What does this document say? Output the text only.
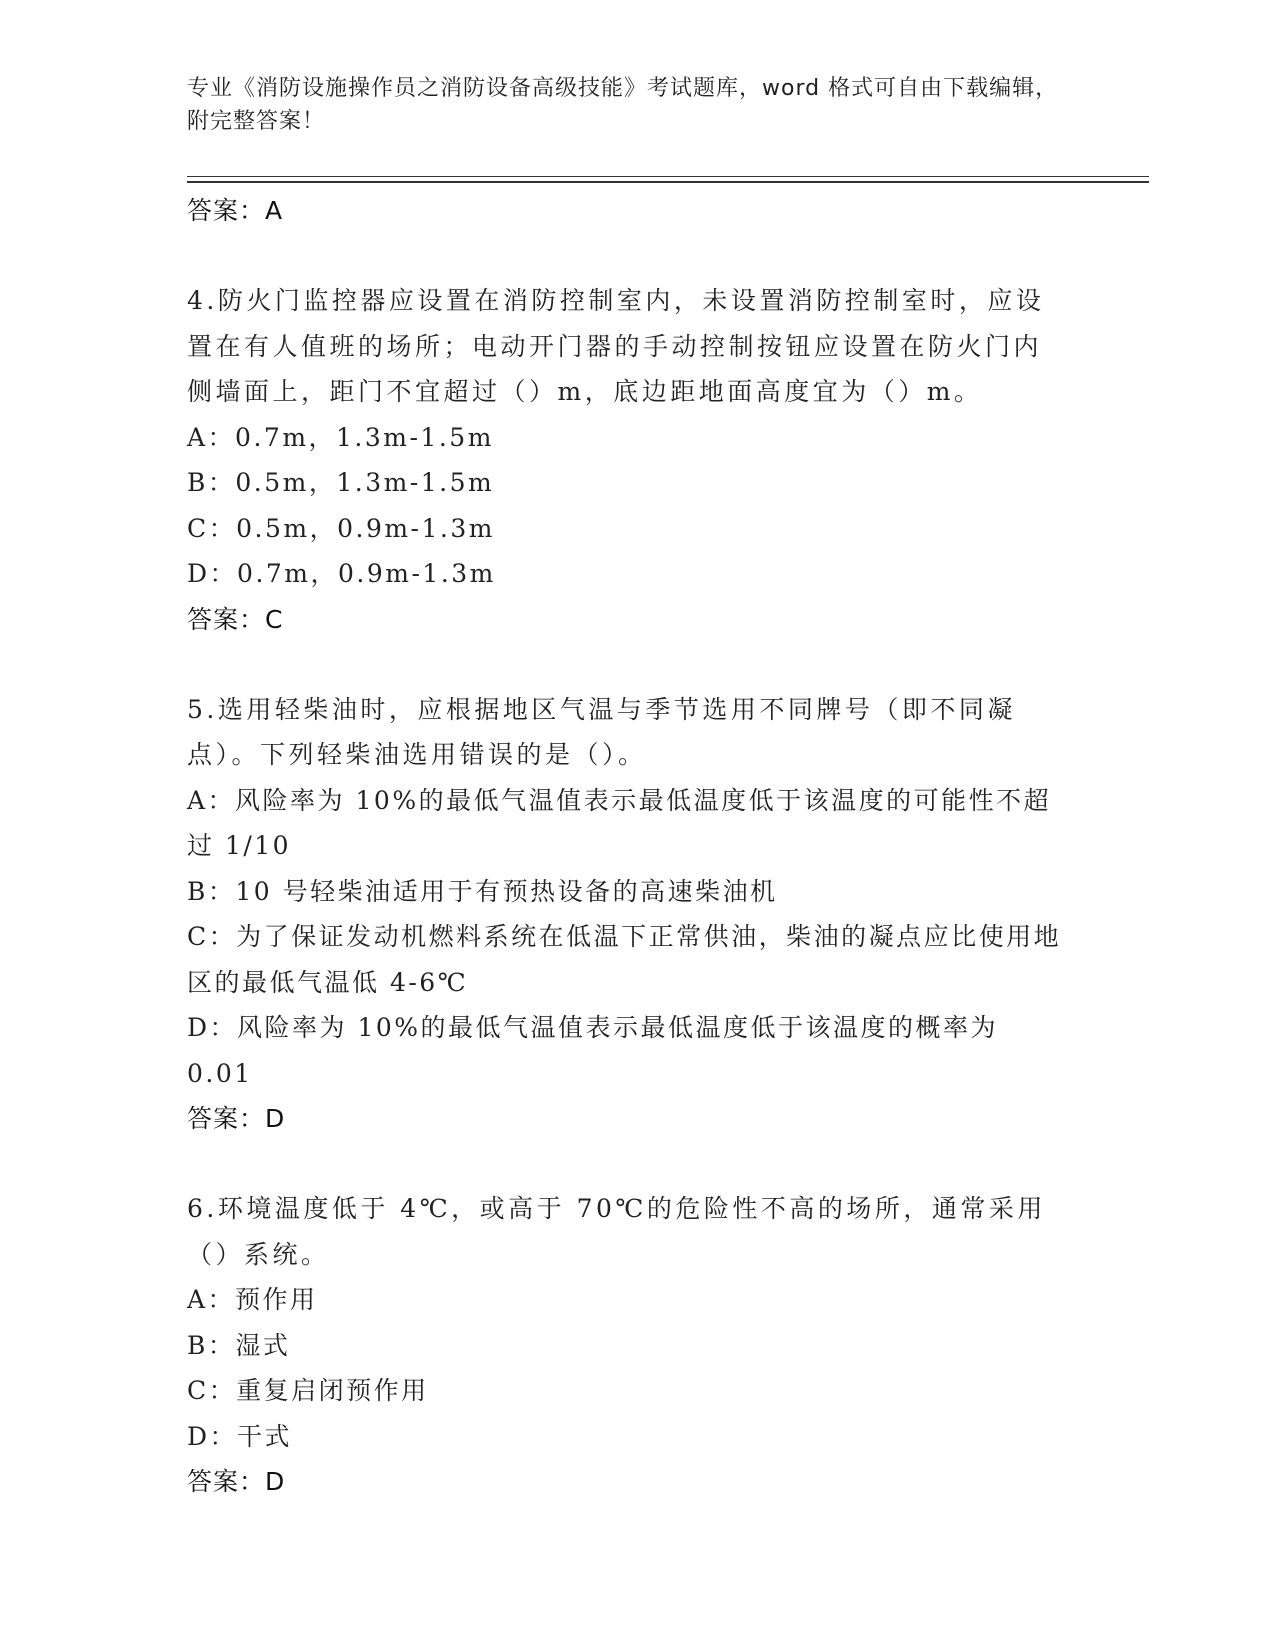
专业《消防设施操作员之消防设备高级技能》考试题库，word 格式可自由下载编辑，附完整答案！

答案：A

4.防火门监控器应设置在消防控制室内，未设置消防控制室时，应设置在有人值班的场所；电动开门器的手动控制按钮应设置在防火门内侧墙面上，距门不宜超过（）m，底边距地面高度宜为（）m。

A：0.7m，1.3m-1.5m

B：0.5m，1.3m-1.5m

C：0.5m，0.9m-1.3m

D：0.7m，0.9m-1.3m

答案：C

5.选用轻柴油时，应根据地区气温与季节选用不同牌号（即不同凝点）。下列轻柴油选用错误的是（）。

A：风险率为 10%的最低气温值表示最低温度低于该温度的可能性不超过 1/10

B：10 号轻柴油适用于有预热设备的高速柴油机

C：为了保证发动机燃料系统在低温下正常供油，柴油的凝点应比使用地区的最低气温低 4-6℃

D：风险率为 10%的最低气温值表示最低温度低于该温度的概率为 0.01

答案：D

6.环境温度低于 4℃，或高于 70℃的危险性不高的场所，通常采用（）系统。

A：预作用

B：湿式

C：重复启闭预作用

D：干式

答案：D
